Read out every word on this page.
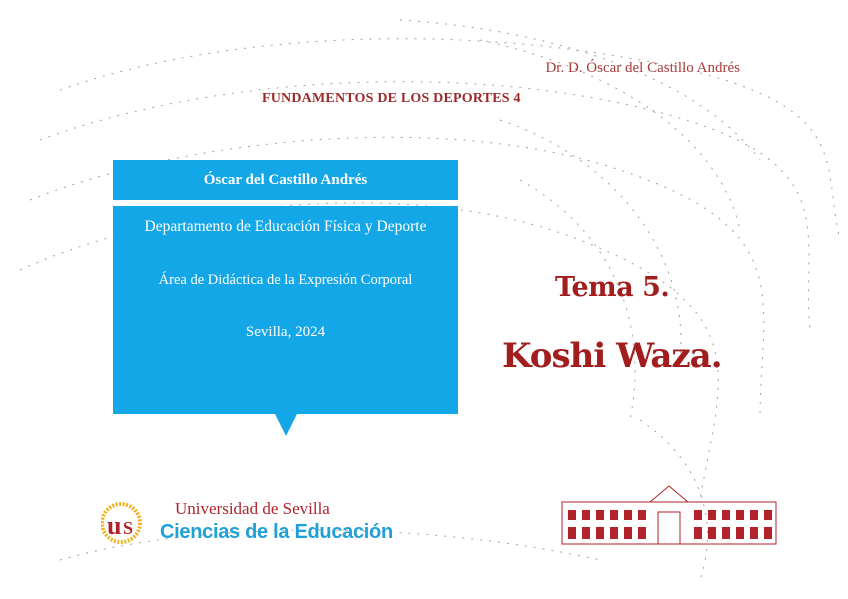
Dr. D. Óscar del Castillo Andrés
FUNDAMENTOS DE LOS DEPORTES 4
Óscar del Castillo Andrés
Departamento de Educación Física y Deporte
Área de Didáctica de la Expresión Corporal
Sevilla, 2024
Tema 5.
Koshi Waza.
u S
Universidad de Sevilla
Ciencias de la Educación
